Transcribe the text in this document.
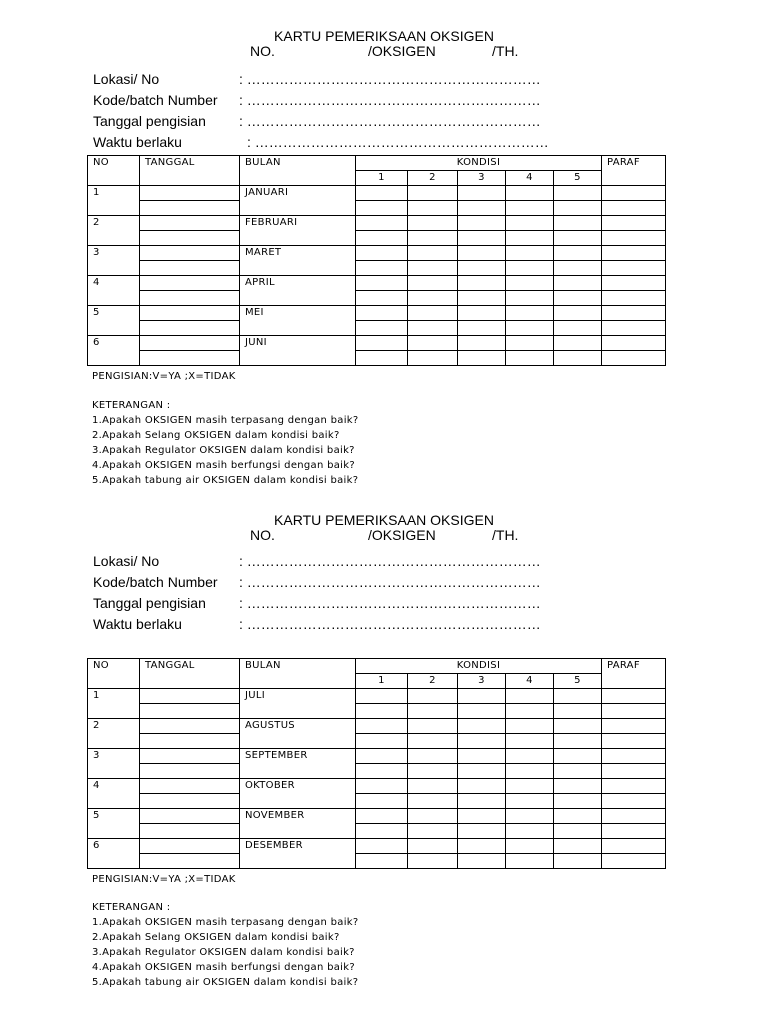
KARTU PEMERIKSAAN OKSIGEN
NO.	/OKSIGEN	/TH.
Lokasi/ No	: ………………………………………………………
Kode/batch Number : ………………………………………………………
Tanggal pengisian : ………………………………………………………
Waktu berlaku	: ………………………………………………………
NO	TANGGAL	BULAN	KONDISI					PARAF
			1	2	3	4	5	
1		JANUARI						

2		FEBRUARI						

3		MARET						

4		APRIL						

5		MEI						

6		JUNI						

PENGISIAN:V=YA ;X=TIDAK
KETERANGAN :
1.Apakah OKSIGEN masih terpasang dengan baik?
2.Apakah Selang OKSIGEN dalam kondisi baik?
3.Apakah Regulator OKSIGEN dalam kondisi baik?
4.Apakah OKSIGEN masih berfungsi dengan baik?
5.Apakah tabung air OKSIGEN dalam kondisi baik?
KARTU PEMERIKSAAN OKSIGEN
NO.	/OKSIGEN	/TH.
Lokasi/ No	: ………………………………………………………
Kode/batch Number : ………………………………………………………
Tanggal pengisian : ………………………………………………………
Waktu berlaku	: ………………………………………………………
NO	TANGGAL	BULAN	KONDISI					PARAF
			1	2	3	4	5	
1		JULI						

2		AGUSTUS						

3		SEPTEMBER						

4		OKTOBER						

5		NOVEMBER						

6		DESEMBER						

PENGISIAN:V=YA ;X=TIDAK
KETERANGAN :
1.Apakah OKSIGEN masih terpasang dengan baik?
2.Apakah Selang OKSIGEN dalam kondisi baik?
3.Apakah Regulator OKSIGEN dalam kondisi baik?
4.Apakah OKSIGEN masih berfungsi dengan baik?
5.Apakah tabung air OKSIGEN dalam kondisi baik?
